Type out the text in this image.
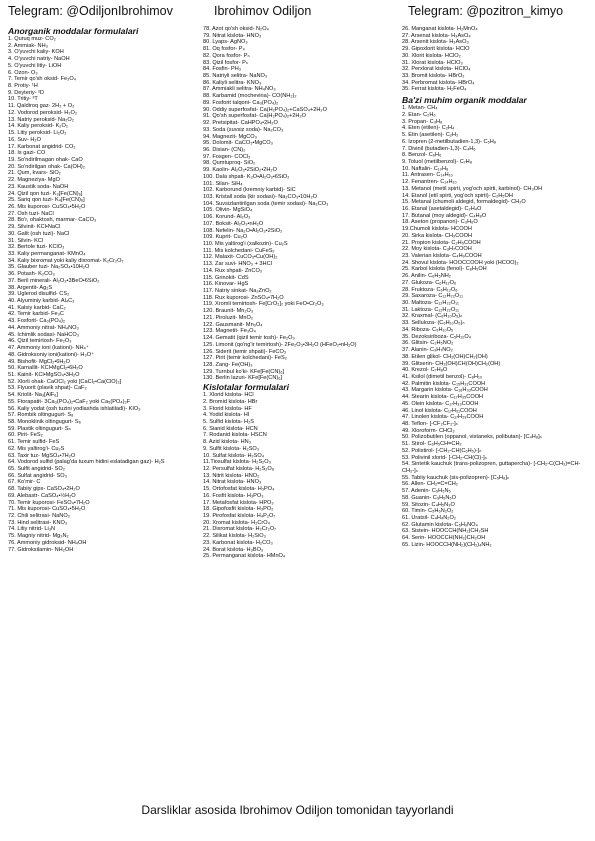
Telegram: @OdiljonIbrohimov	Ibrohimov Odiljon	Telegram: @pozitron_kimyo
Anorganik moddalar formulalari
1. Quruq muz- CO₂
2. Ammiak- NH₃
3. O'yuvchi kaliy- KOH
4. O'yuvchi natriy- NaOH
5. O'yuvchi litiy- LiOH
6. Ozon- O₃
7. Temir qo'sh oksid- Fe₃O₄
8. Protiy- ¹H
9. Deyteriy- ²D
10. Tritiy- ³T
11. Qaldiroq gaz- 2H₂ + O₂
12. Vodorod peroksid- H₂O₂
13. Natriy peroksid- Na₂O₂
14. Kaliy peroksid- K₂O₂
15. Litiy peroksid- Li₂O₂
16. Suv- H₂O
17. Karbonat angidrid- CO₂
18. Is gazi- CO
19. So'ndirilmagan ohak- CaO
20. So'ndirilgan ohak- Ca(OH)₂
21. Qum, kvars- SiO₂
22. Magneziya- MgO
23. Kaustik soda- NaOH
24. Qizil qon tuzi- K₃[Fe(CN)₆]
25. Sariq qon tuzi- K₄[Fe(CN)₆]
26. Mis kuporosi- CuSO₄•5H₂O
27. Osh tuzi- NaCl
28. Bo'r, ohaktosh, marmar- CaCO₃
29. Silvinit- KCl•NaCl
30. Galit (osh tuzi)- NaCl
31. Silvin- KCl
32. Bertole tuzi- KClO₃
33. Kaliy permanganat- KMnO₄
34. Kaliy bixromat yoki kaliy dixromat- K₂Cr₂O₇
35. Glauber tuzi- Na₂SO₄•10H₂O
36. Potash- K₂CO₃
37. Beril minerali- Al₂O₃•3BeO•6SiO₂
38. Argentit- Ag₂S
39. Uglerod disulfid- CS₂
40. Alyuminiy karbid- Al₄C₃
41. Kalsiy karbid- CaC₂
42. Temir karbid- Fe₃C
43. Fosforit- Ca₃(PO₄)₂
44. Ammoniy nitrat- NH₄NO₃
45. Ichimlik sodasi- NaHCO₃
46. Qizil temirtosh- Fe₂O₃
47. Ammoniy ioni (kationi)- NH₄⁺
48. Gidroksoniy ioni(kationi)- H₃O⁺
49. Bishofit- MgCl₂•6H₂O
50. Karnallit- KCl•MgCl₂•6H₂O
51. Kainit- KCl•MgSO₄•3H₂O
52. Xlorli ohak- CaOCl₂ yoki [CaCl₂•Ca(ClO)₂]
53. Flyuorit (plavik shpat)- CaF₂
54. Kriolit- Na₃[AlF₆]
55. Ftorapatit- 3Ca₃(PO₄)₂•CaF₂ yoki Ca₅(PO₄)₃F
56. Kaliy yodat (osh tuzini yodlashda ishlatiladi)- KIO₃
57. Rombik oltingugurt- S₈
58. Monoklinik oltingugurt- S₆
59. Plastik oltingugurt- Sₙ
60. Pirit- FeS₂
61. Temir sulfid- FeS
62. Mis yaltirog'i- Cu₂S
63. Taxir tuz- MgSO₄•7H₂O
64. Vodorod sulfid (palag'da tuxum hidini eslatadigan gaz)- H₂S
65. Sulfit angidrid- SO₂
66. Sulfat angidrid- SO₃
67. Ko'mir- C
68. Tabiiy gips- CaSO₄•2H₂O
69. Alebastr- CaSO₄•½H₂O
70. Temir kuporosi- FeSO₄•7H₂O
71. Mis kuporosi- CuSO₄•5H₂O
72. Chili selitrasi- NaNO₃
73. Hind selitrasi- KNO₃
74. Litiy nitrid- Li₃N
75. Magniy nitrid- Mg₃N₂
76. Ammoniy gidroksid- NH₄OH
77. Gidroksilamin- NH₂OH
78. Azot qo'sh oksid- N₂O₄
79. Nitrat kislota- HNO₃
80. Lyaps- AgNO₃
81. Oq fosfor- P₄
82. Qora fosfor- Pₙ
83. Qizil fosfor- Pₙ
84. Fosfin- PH₃
85. Natriyli selitra- NaNO₃
86. Kaliyli selitra- KNO₃
87. Ammiakli selitra- NH₄NO₃
88. Karbamid (mochevina)- CO(NH₂)₂
89. Fosforit talqoni- Ca₃(PO₄)₂
90. Oddiy superfosfat- Ca(H₂PO₄)₂+CaSO₄+2H₂O
91. Qo'sh superfosfat- Ca(H₂PO₄)₂+2H₂O
92. Pretsipitat- CaHPO₄•2H₂O
93. Soda (suvsiz soda)- Na₂CO₃
94. Magnezit- MgCO₃
95. Dolomit- CaCO₃•MgCO₃
96. Disian- (CN)₂
97. Fosgen- COCl₂
98. Qumtuproq- SiO₂
99. Kaolin- Al₂O₃•2SiO₂•2H₂O
100. Dala shpati- K₂O•Al₂O₃•6SiO₂
101. Silan- SiH₄
102. Karborund (kremniy karbid)- SiC
103. Kristall soda (kir sodasi)- Na₂CO₃•10H₂O
104. Suvsizlantirilgan soda (temir sodasi)- Na₂CO₃
105. Olivin- MgSiO₄
106. Korund- Al₂O₃
107. Boksit- Al₂O₃•nH₂O
108. Nefelin- Na₂O•Al₂O₃•2SiO₂
109. Kuprit- Cu₂O
110. Mis yaltirog'i (xalkozin)- Cu₂S
111. Mis kolchedani- CuFeS₂
112. Malaxit- CuCO₃•Cu(OH)₂
113. Zar suvi- HNO₃ + 3HCl
114. Rux shpati- ZnCO₃
115. Grinokit- CdS
116. Kinovar- HgS
117. Natriy sinkat- Na₂ZnO₂
118. Rux kuporosi- ZnSO₄•7H₂O
119. Xromli temirtosh- Fe[CrO₂]₂ yoki FeO•Cr₂O₃
120. Braunit- Mn₂O₃
121. Piroluzit- MnO₂
122. Gausmanit- Mn₃O₄
123. Magnetit- Fe₃O₄
124. Gematit (qizil temir tosh)- Fe₂O₃
125. Limonit (qo'ng'ir temirtosh)- 2Fe₂O₃•3H₂O (HFeO₂•nH₂O)
126. Siderit (temir shpati)- FeCO₃
127. Pirit (temir kolchedani)- FeS₂
128. Zang- Fe(OH)₃
129. Turnbul ko'ki- KFe[Fe(CN)₆]
130. Berlin lazuri- KFe[Fe(CN)₆]
Kislotalar formulalari
1. Xlorid kislota- HCl
2. Bromid kislota- HBr
3. Ftorid kislota- HF
4. Yodid kislota- HI
5. Sulfid kislota- H₂S
6. Sianid kislota- HCN
7. Rodanid kislota- HSCN
8. Azid kislota- HN₃
9. Sulfit kislota- H₂SO₃
10. Sulfat kislota- H₂SO₄
11.Tiosulfat kislota- H₂S₂O₃
12. Persulfat kislota- H₂S₂O₈
13. Nitrit kislota- HNO₂
14. Nitrat kislota- HNO₃
15. Ortofosfat kislota- H₃PO₄
16. Fosfit kislota- H₃PO₃
17. Metafosfat kislota- HPO₃
18. Gipofosfit kislota- H₃PO₂
19. Pirofosfat kislota- H₄P₂O₇
20. Xromat kislota- H₂CrO₄
21. Dixromat kislota- H₂Cr₂O₇
22. Silikat kislota- H₂SiO₃
23. Karbonat kislota- H₂CO₃
24. Borat kislota- H₃BO₃
25. Permanganat kislota- HMnO₄
26. Manganat kislota- H₂MnO₄
27. Arsenat kislota- H₃AsO₄
28. Arsenit kislota- H₃AsO₃
29. Gipoxlorit kislota- HClO
30. Xlorit kislota- HClO₂
31. Xlorat kislota- HClO₃
32. Perxlorat kislota- HClO₄
33. Bromit kislota- HBrO₂
34. Perbromat kislota- HBrO₄
35. Ferrat kislota- H₂FeO₄
Ba'zi muhim organik moddalar
1. Metan- CH₄
2. Etan- C₂H₆
3. Propan- C₃H₈
4. Eten (etilen)- C₂H₄
5. Etin (asetilen)- C₂H₂
6. Izopren (2-metilbutadien-1,3)- C₅H₈
7. Divinil (butadien-1,3)- C₄H₆
8. Benzol- C₆H₆
9. Toluol (metilbenzol)- C₇H₈
10. Naftalin- C₁₀H₈
11. Antrasen- C₁₄H₁₀
12. Fenantren- C₁₄H₁₀
13. Metanol (metil spirti, yog'och spirti, karbinol)- CH₃OH
14. Etanol (etil spirti, yog'och spirti)- C₂H₅OH
15. Metanal (chumoli aldegid, formaldegid)- CH₂O
16. Etanal (asetaldegid)- C₂H₄O
17. Butanal (moy aldegid)- C₄H₈O
18. Aseton (propanon)- C₃H₆O
19.Chumoli kislota- HCOOH
20. Sirka kislota- CH₃COOH
21. Propion kislota- C₂H₅COOH
22. Moy kislota- C₃H₇COOH
23. Valerian kislota- C₄H₉COOH
24. Shovul kislota- HOOCCOOH yoki (HCOO)₂
25. Karbol kislota (fenol)- C₆H₅OH
26. Anilin- C₆H₅NH₂
27. Glukoza- C₆H₁₂O₆
28. Fruktoza- C₆H₁₂O₆
29. Saxaroza- C₁₂H₂₂O₁₁
30. Maltoza- C₁₂H₂₂O₁₁
31. Laktoza- C₁₂H₂₂O₁₁
32. Kraxmal- (C₆H₁₀O₅)ₙ
33. Selluloza- (C₆H₁₀O₅)ₙ
34. Riboza- C₅H₁₀O₅
35. Dezoksiriboza- C₅H₁₀O₄
36. Glitsin- C₂H₅NO₂
37. Alanin- C₃H₇NO₂
38. Etilen glikol- CH₂(OH)CH₂(OH)
39. Glitserin- CH₂(OH)CH(OH)CH₂(OH)
40. Krezol- C₇H₈O
41. Ksilol (dimetil benzol)- C₈H₁₀
42. Palmitin kislota- C₁₅H₃₁COOH
43. Margarin kislota- C₁₆H₃₃COOH
44. Stearin kislota- C₁₇H₃₅COOH
45. Olein kislota- C₁₇H₃₃COOH
46. Linol kislota- C₁₇H₃₁COOH
47. Linolen kislota- C₁₇H₂₉COOH
48. Teflon- [-CF₂CF₂-]ₙ
49. Xloroform- CHCl₃
50. Polizobutilen (oppanol, vistaneks, polibutan)- [C₄H₈]ₙ
51. Stirol- C₆H₅CH=CH₂
52. Polistirol- [-CH₂-CH(C₆H₅)-]ₙ
53. Polivinil xlorid- [-CH₂-CH(Cl)-]ₙ
54. Sintetik kauchuk (trans-polizopren, guttapercha)- [-CH₂-C(CH₃)=CH-CH₂-]ₙ
55. Tabiiy kauchuk (sis-polizopren)- [C₅H₈]ₙ
56. Allen- CH₂=C=CH₂
57. Adenin- C₅H₅N₅
58. Guanin- C₅H₅N₅O
59. Sitozin- C₄H₅N₃O
60. Timin- C₅H₆N₂O₂
61. Uratsil- C₄H₄N₂O₂
62. Glutamin kislota- C₅H₉NO₄
63. Sistein- HOOCCH(NH₂)CH₂SH
64. Serin- HOOCCH(NH₂)CH₂OH
65. Lizin- HOOCCH(NH₂)(CH₂)₄NH₂
Darsliklar asosida Ibrohimov Odiljon tomonidan tayyorlandi
